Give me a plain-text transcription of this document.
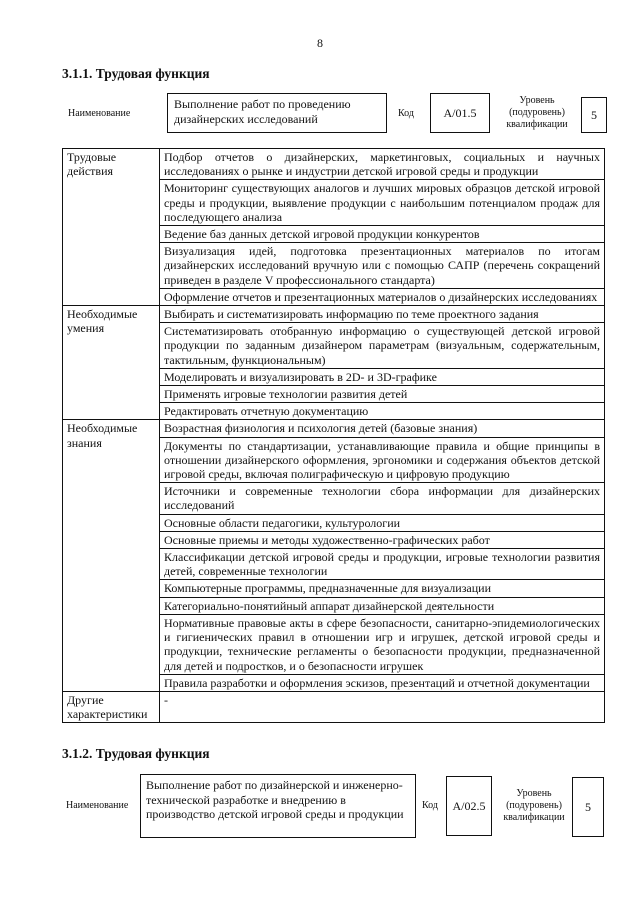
8
3.1.1. Трудовая функция
Наименование
Выполнение работ по проведению дизайнерских исследований	Код	А/01.5
Уровень (подуровень) квалификации
5
Трудовые действия	Подбор отчетов о дизайнерских, маркетинговых, социальных и научных исследованиях о рынке и индустрии детской игровой среды и продукции
	Мониторинг существующих аналогов и лучших мировых образцов детской игровой среды и продукции, выявление продукции с наибольшим потенциалом продаж для последующего анализа
	Ведение баз данных детской игровой продукции конкурентов
	Визуализация идей, подготовка презентационных материалов по итогам дизайнерских исследований вручную или с помощью САПР (перечень сокращений приведен в разделе V профессионального стандарта)
	Оформление отчетов и презентационных материалов о дизайнерских исследованиях
Необходимые умения	Выбирать и систематизировать информацию по теме проектного задания
	Систематизировать отобранную информацию о существующей детской игровой продукции по заданным дизайнером параметрам (визуальным, содержательным, тактильным, функциональным)
	Моделировать и визуализировать в 2D- и 3D-графике
	Применять игровые технологии развития детей
	Редактировать отчетную документацию
Необходимые знания	Возрастная физиология и психология детей (базовые знания)
	Документы по стандартизации, устанавливающие правила и общие принципы в отношении дизайнерского оформления, эргономики и содержания объектов детской игровой среды, включая полиграфическую и цифровую продукцию
	Источники и современные технологии сбора информации для дизайнерских исследований
	Основные области педагогики, культурологии
	Основные приемы и методы художественно-графических работ
	Классификации детской игровой среды и продукции, игровые технологии развития детей, современные технологии
	Компьютерные программы, предназначенные для визуализации
	Категориально-понятийный аппарат дизайнерской деятельности
	Нормативные правовые акты в сфере безопасности, санитарно-эпидемиологических и гигиенических правил в отношении игр и игрушек, детской игровой среды и продукции, технические регламенты о безопасности продукции, предназначенной для детей и подростков, и о безопасности игрушек
	Правила разработки и оформления эскизов, презентаций и отчетной документации
Другие характеристики	-
3.1.2. Трудовая функция
Наименование
Выполнение работ по дизайнерской и инженерно-технической разработке и внедрению в производство детской игровой среды и продукции
Код	А/02.5
Уровень (подуровень) квалификации
5
